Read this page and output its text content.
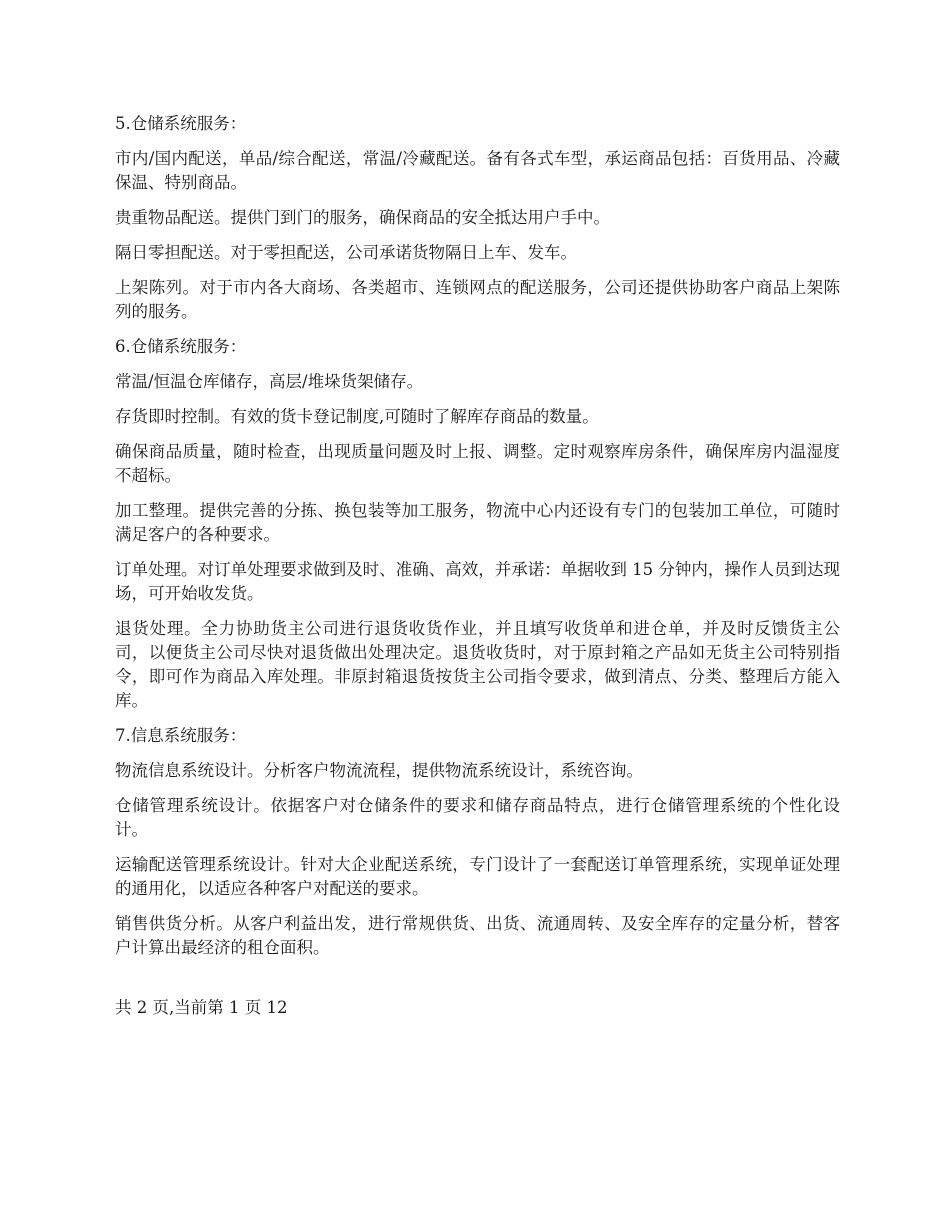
5.仓储系统服务：

市内/国内配送，单品/综合配送，常温/冷藏配送。备有各式车型，承运商品包括：百货用品、冷藏保温、特别商品。

贵重物品配送。提供门到门的服务，确保商品的安全抵达用户手中。

隔日零担配送。对于零担配送，公司承诺货物隔日上车、发车。

上架陈列。对于市内各大商场、各类超市、连锁网点的配送服务，公司还提供协助客户商品上架陈列的服务。

6.仓储系统服务：

常温/恒温仓库储存，高层/堆垛货架储存。

存货即时控制。有效的货卡登记制度,可随时了解库存商品的数量。

确保商品质量，随时检查，出现质量问题及时上报、调整。定时观察库房条件，确保库房内温湿度不超标。

加工整理。提供完善的分拣、换包装等加工服务，物流中心内还设有专门的包装加工单位，可随时满足客户的各种要求。

订单处理。对订单处理要求做到及时、准确、高效，并承诺：单据收到 15 分钟内，操作人员到达现场，可开始收发货。

退货处理。全力协助货主公司进行退货收货作业，并且填写收货单和进仓单，并及时反馈货主公司，以便货主公司尽快对退货做出处理决定。退货收货时，对于原封箱之产品如无货主公司特别指令，即可作为商品入库处理。非原封箱退货按货主公司指令要求，做到清点、分类、整理后方能入库。

7.信息系统服务：

物流信息系统设计。分析客户物流流程，提供物流系统设计，系统咨询。

仓储管理系统设计。依据客户对仓储条件的要求和储存商品特点，进行仓储管理系统的个性化设计。

运输配送管理系统设计。针对大企业配送系统，专门设计了一套配送订单管理系统，实现单证处理的通用化，以适应各种客户对配送的要求。

销售供货分析。从客户利益出发，进行常规供货、出货、流通周转、及安全库存的定量分析，替客户计算出最经济的租仓面积。

共 2 页,当前第 1 页 12
